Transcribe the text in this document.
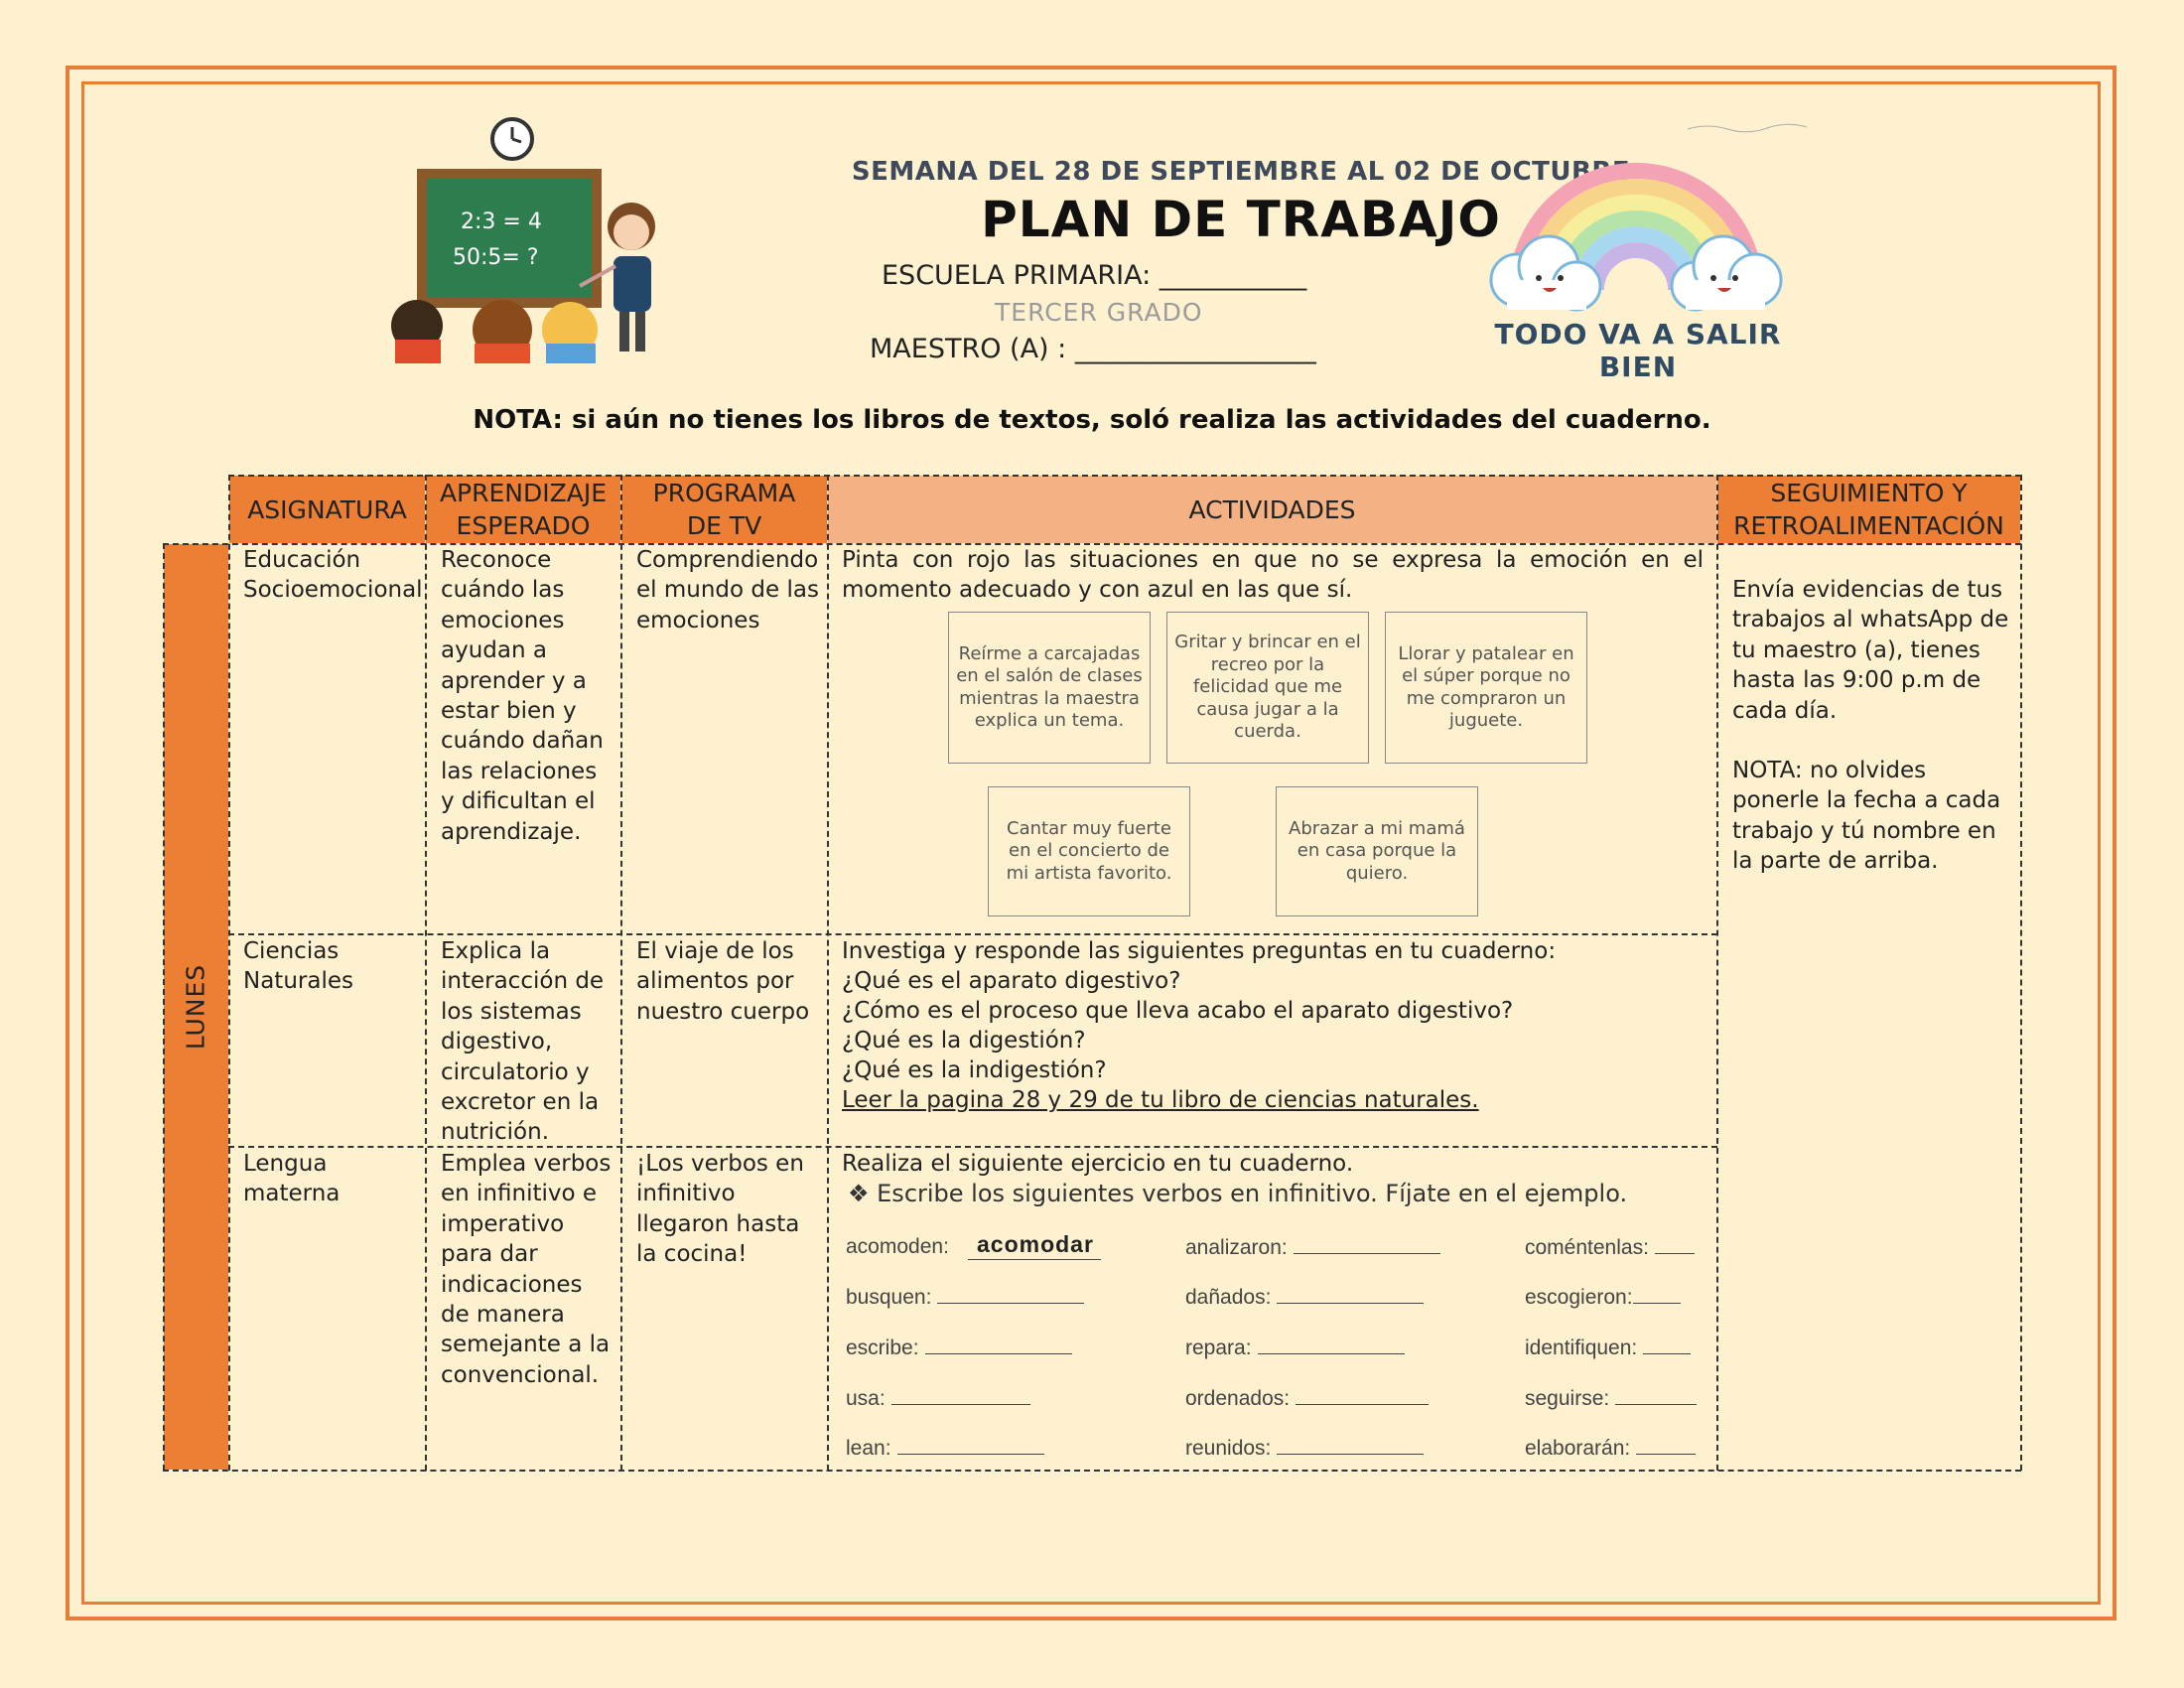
2:3 = 4
50:5= ?
SEMANA DEL 28 DE SEPTIEMBRE AL 02 DE OCTUBRE
PLAN DE TRABAJO
ESCUELA PRIMARIA: ___________
TERCER GRADO
MAESTRO (A) : __________________	TODO VA A SALIR BIEN
NOTA: si aún no tienes los libros de textos, soló realiza las actividades del cuaderno.
ASIGNATURA
APRENDIZAJE ESPERADO
PROGRAMA DE TV
ACTIVIDADES
SEGUIMIENTO Y RETROALIMENTACIÓN
LUNES
Educación Socioemocional
Reconoce cuándo las emociones ayudan a aprender y a estar bien y cuándo dañan las relaciones y dificultan el aprendizaje.
Comprendiendo el mundo de las emociones
Pinta con rojo las situaciones en que no se expresa la emoción en el momento adecuado y con azul en las que sí.
Reírme a carcajadas en el salón de clases mientras la maestra explica un tema.
Gritar y brincar en el recreo por la felicidad que me causa jugar a la cuerda.
Llorar y patalear en el súper porque no me compraron un juguete.
Cantar muy fuerte en el concierto de mi artista favorito.
Abrazar a mi mamá en casa porque la quiero.
Envía evidencias de tus trabajos al whatsApp de tu maestro (a), tienes hasta las 9:00 p.m de cada día.
NOTA: no olvides ponerle la fecha a cada trabajo y tú nombre en la parte de arriba.
Ciencias Naturales
Explica la interacción de los sistemas digestivo, circulatorio y excretor en la nutrición.
El viaje de los alimentos por nuestro cuerpo
Investiga y responde las siguientes preguntas en tu cuaderno:
¿Qué es el aparato digestivo?
¿Cómo es el proceso que lleva acabo el aparato digestivo?
¿Qué es la digestión?
¿Qué es la indigestión?
Leer la pagina 28 y 29 de tu libro de ciencias naturales.
Lengua materna
Emplea verbos en infinitivo e imperativo para dar indicaciones de manera semejante a la convencional.
¡Los verbos en infinitivo llegaron hasta la cocina!
Realiza el siguiente ejercicio en tu cuaderno.
❖ Escribe los siguientes verbos en infinitivo. Fíjate en el ejemplo.
acomoden: acomodar
busquen:
escribe:
usa:
lean:
analizaron:
dañados:
repara:
ordenados:
reunidos:
coméntenlas:
escogieron:
identifiquen:
seguirse:
elaborarán:
